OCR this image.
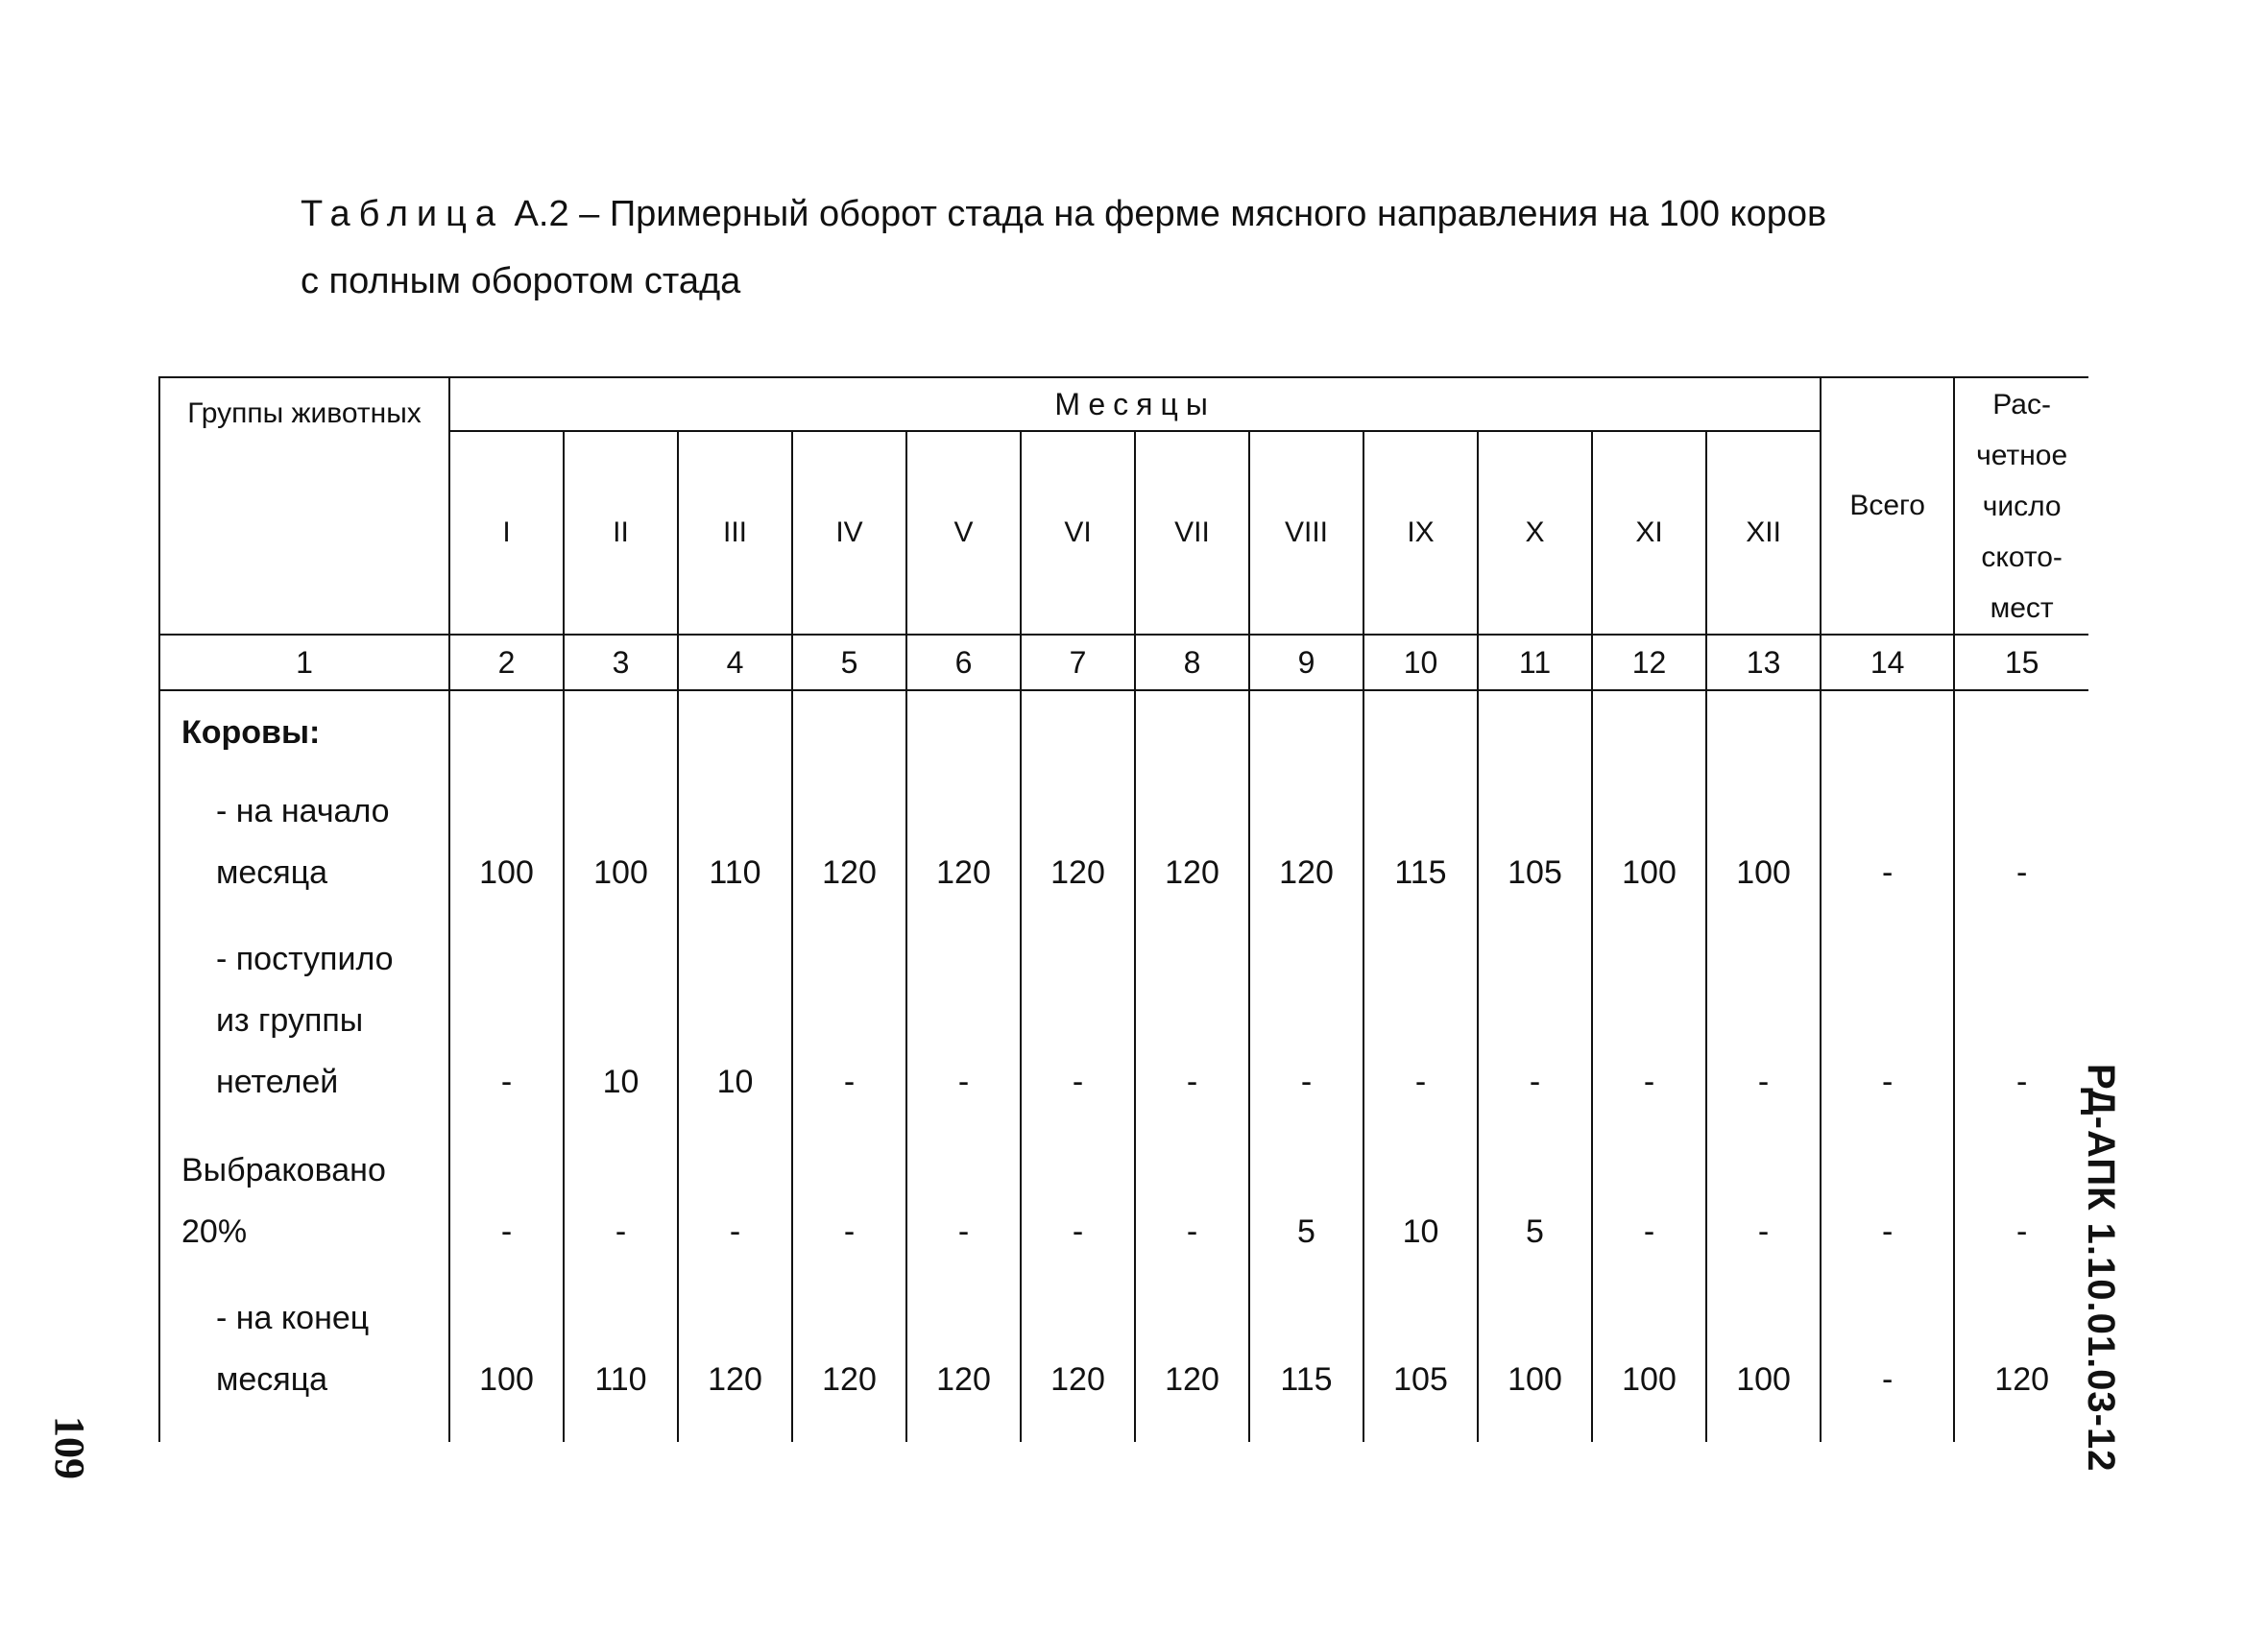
Таблица А.2 – Примерный оборот стада на ферме мясного направления на 100 коров
с полным оборотом стада
Группы животных	Месяцы												Всего	Рас-
четное
число
ското-
мест
	I	II	III	IV	V	VI	VII	VIII	IX	X	XI	XII		
1	2	3	4	5	6	7	8	9	10	11	12	13	14	15
Коровы:														
- на начало
месяца	100	100	110	120	120	120	120	120	115	105	100	100	-	-
- поступило
из группы
нетелей	-	10	10	-	-	-	-	-	-	-	-	-	-	-
Выбраковано
20%	-	-	-	-	-	-	-	5	10	5	-	-	-	-
- на конец
месяца	100	110	120	120	120	120	120	115	105	100	100	100	-	120
														РД-АПК 1.10.01.03-12
109
